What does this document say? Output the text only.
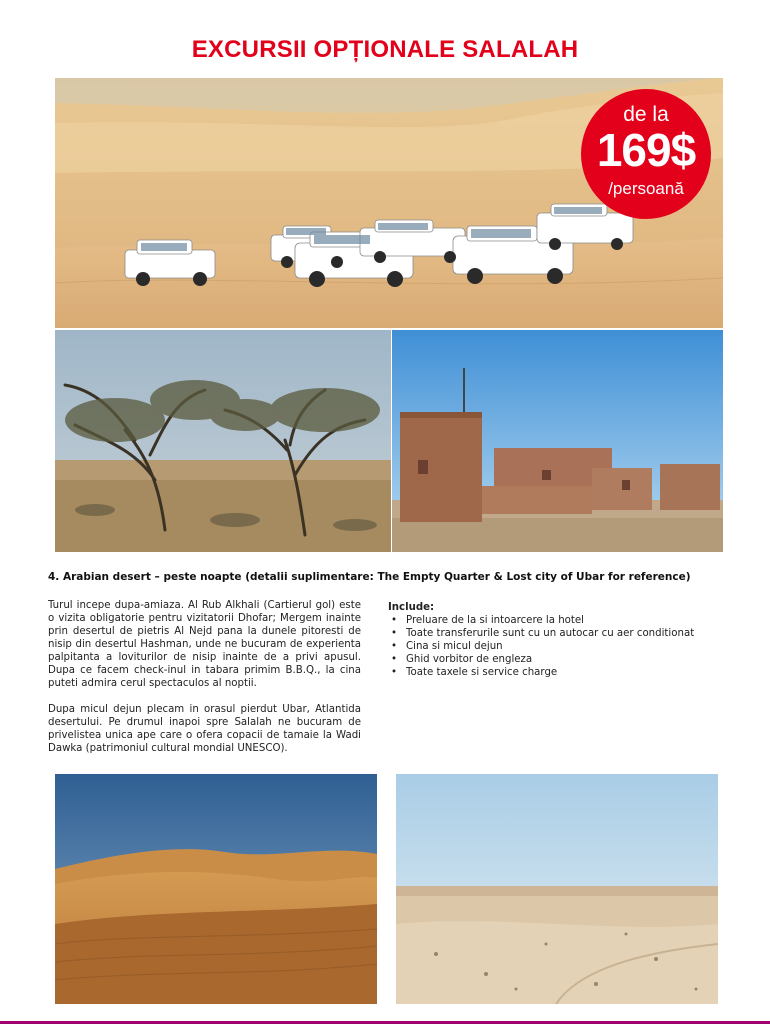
EXCURSII OPȚIONALE SALALAH
de la
169$
/persoană
4. Arabian desert – peste noapte (detalii suplimentare: The Empty Quarter & Lost city of Ubar for reference)

Turul incepe dupa-amiaza. Al Rub Alkhali (Cartierul gol) este o vizita obligatorie pentru vizitatorii Dhofar; Mergem inainte prin desertul de pietris Al Nejd pana la dunele pitoresti de nisip din desertul Hashman, unde ne bucuram de experienta palpitanta a loviturilor de nisip inainte de a privi apusul. Dupa ce facem check-inul in tabara primim B.B.Q., la cina puteti admira cerul spectaculos al noptii.

Dupa micul dejun plecam in orasul pierdut Ubar, Atlantida desertului. Pe drumul inapoi spre Salalah ne bucuram de privelistea unica ape care o ofera copacii de tamaie la Wadi Dawka (patrimoniul cultural mondial UNESCO).

Include:
• Preluare de la si intoarcere la hotel
• Toate transferurile sunt cu un autocar cu aer conditionat
• Cina si micul dejun
• Ghid vorbitor de engleza
• Toate taxele si service charge
